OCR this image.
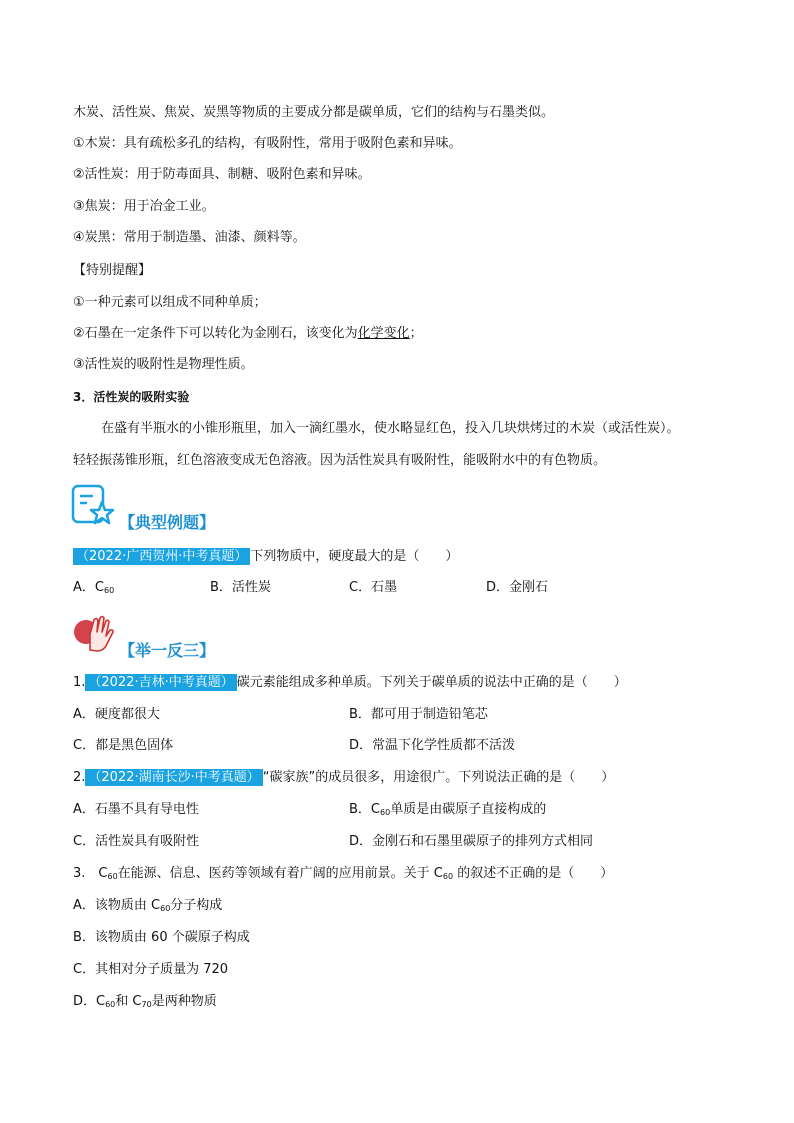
木炭、活性炭、焦炭、炭黑等物质的主要成分都是碳单质，它们的结构与石墨类似。
①木炭：具有疏松多孔的结构，有吸附性，常用于吸附色素和异味。
②活性炭：用于防毒面具、制糖、吸附色素和异味。
③焦炭：用于冶金工业。
④炭黑：常用于制造墨、油漆、颜料等。
【特别提醒】
①一种元素可以组成不同种单质；
②石墨在一定条件下可以转化为金刚石，该变化为化学变化；
③活性炭的吸附性是物理性质。
3．活性炭的吸附实验
在盛有半瓶水的小锥形瓶里，加入一滴红墨水，使水略显红色，投入几块烘烤过的木炭（或活性炭）。
轻轻振荡锥形瓶，红色溶液变成无色溶液。因为活性炭具有吸附性，能吸附水中的有色物质。
【典型例题】
（2022·广西贺州·中考真题） 下列物质中，硬度最大的是（　　）
A．$C_{60}$	B．活性炭	C．石墨	D．金刚石
【举一反三】
1. （2022·吉林·中考真题） 碳元素能组成多种单质。下列关于碳单质的说法中正确的是（　　）
A．硬度都很大	B．都可用于制造铅笔芯
C．都是黑色固体	D．常温下化学性质都不活泼
2. （2022·湖南长沙·中考真题） “碳家族”的成员很多，用途很广。下列说法正确的是（　　）
A．石墨不具有导电性	B．$C_{60}$单质是由碳原子直接构成的
C．活性炭具有吸附性	D．金刚石和石墨里碳原子的排列方式相同
3.　$C_{60}$在能源、信息、医药等领域有着广阔的应用前景。关于 $C_{60}$ 的叙述不正确的是（　　）
A．该物质由 $C_{60}$分子构成
B．该物质由 60 个碳原子构成
C．其相对分子质量为 720
D．$C_{60}$和 $C_{70}$是两种物质
